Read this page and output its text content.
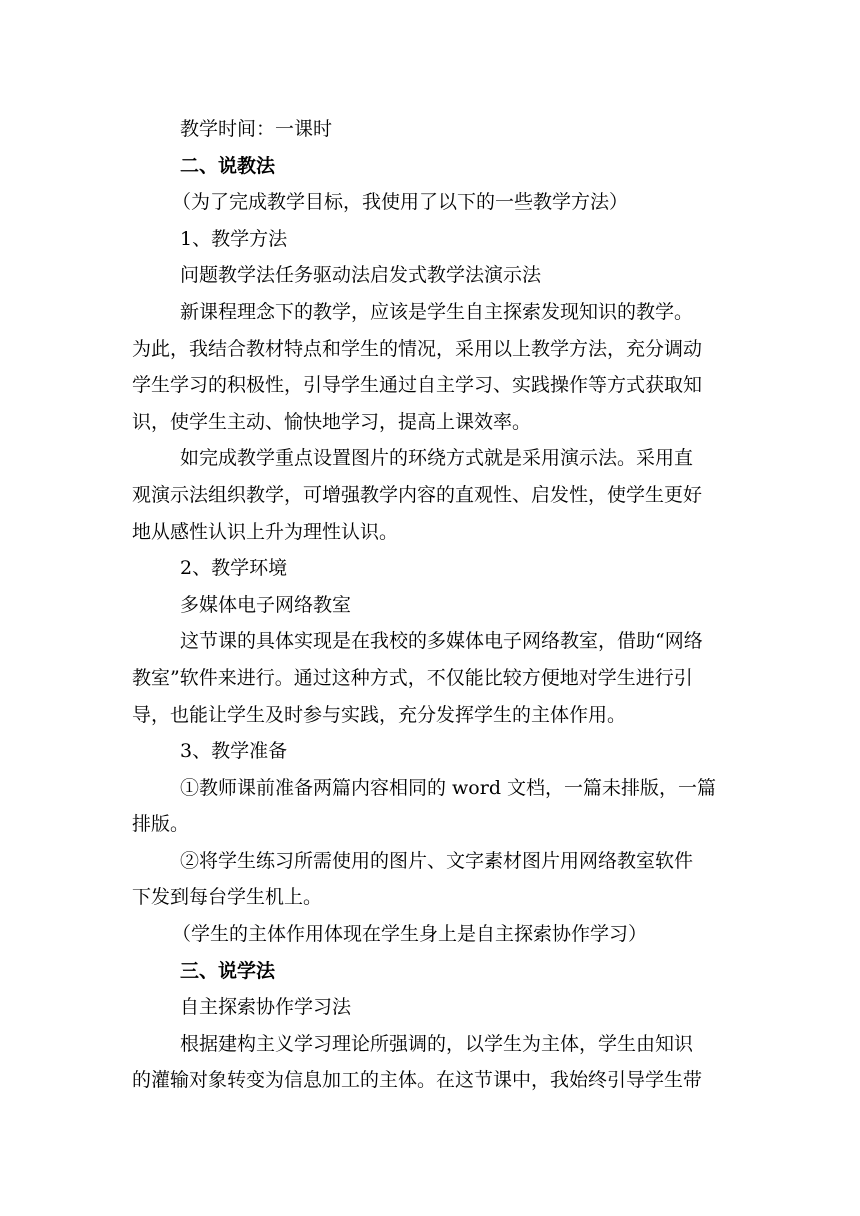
教学时间：一课时

二、说教法

（为了完成教学目标，我使用了以下的一些教学方法）

1、教学方法

问题教学法任务驱动法启发式教学法演示法

新课程理念下的教学，应该是学生自主探索发现知识的教学。

为此，我结合教材特点和学生的情况，采用以上教学方法，充分调动

学生学习的积极性，引导学生通过自主学习、实践操作等方式获取知

识，使学生主动、愉快地学习，提高上课效率。

如完成教学重点设置图片的环绕方式就是采用演示法。采用直

观演示法组织教学，可增强教学内容的直观性、启发性，使学生更好

地从感性认识上升为理性认识。

2、教学环境

多媒体电子网络教室

这节课的具体实现是在我校的多媒体电子网络教室，借助“网络

教室”软件来进行。通过这种方式，不仅能比较方便地对学生进行引

导，也能让学生及时参与实践，充分发挥学生的主体作用。

3、教学准备

①教师课前准备两篇内容相同的 word 文档，一篇未排版，一篇

排版。

②将学生练习所需使用的图片、文字素材图片用网络教室软件

下发到每台学生机上。

（学生的主体作用体现在学生身上是自主探索协作学习）

三、说学法

自主探索协作学习法

根据建构主义学习理论所强调的，以学生为主体，学生由知识

的灌输对象转变为信息加工的主体。在这节课中，我始终引导学生带
